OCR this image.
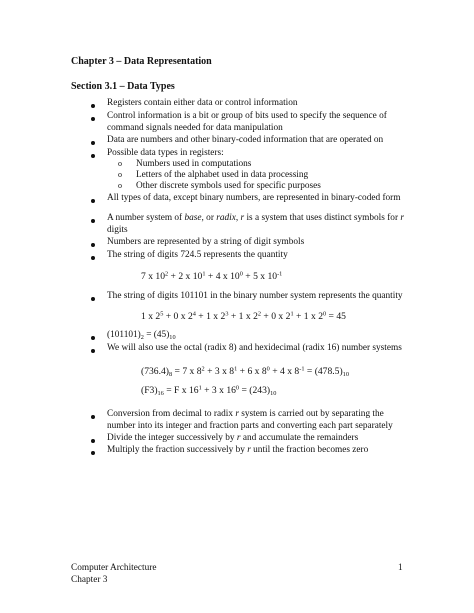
Chapter 3 – Data Representation
Section 3.1 – Data Types
Registers contain either data or control information
Control information is a bit or group of bits used to specify the sequence of
command signals needed for data manipulation
Data are numbers and other binary-coded information that are operated on
Possible data types in registers:
o Numbers used in computations
o Letters of the alphabet used in data processing
o Other discrete symbols used for specific purposes
All types of data, except binary numbers, are represented in binary-coded form
A number system of base, or radix, r is a system that uses distinct symbols for r
digits
Numbers are represented by a string of digit symbols
The string of digits 724.5 represents the quantity
7 x $10^2 + 2$ x $10^1 + 4$ x $10^0 + 5$ x $10^{-1}$
The string of digits 101101 in the binary number system represents the quantity
1 x $2^5 + 0$ x $2^4 + 1$ x $2^3 + 1$ x $2^2 + 0$ x $2^1 + 1$ x $2^0 = 45$
$(101101)_2 = (45)_{10}$
We will also use the octal (radix 8) and hexidecimal (radix 16) number systems
$(736.4)_8 = 7$ x $8^2 + 3$ x $8^1 + 6$ x $8^0 + 4$ x $8^{-1} = (478.5)_{10}$
$(F3)_{16} = F$ x $16^1 + 3$ x $16^0 = (243)_{10}$
Conversion from decimal to radix r system is carried out by separating the
number into its integer and fraction parts and converting each part separately
Divide the integer successively by r and accumulate the remainders
Multiply the fraction successively by r until the fraction becomes zero
Computer Architecture
Chapter 3
1
